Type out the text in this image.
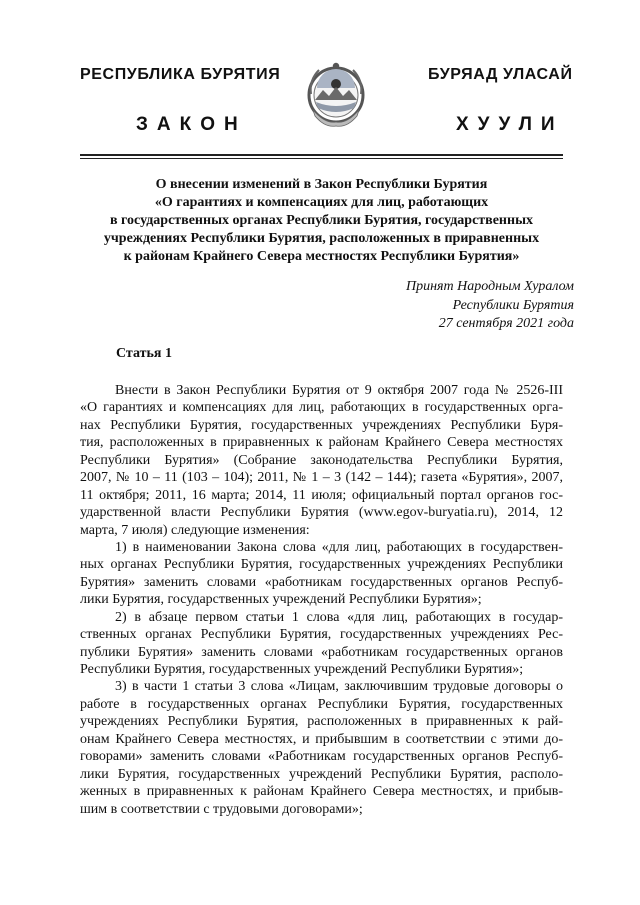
РЕСПУБЛИКА БУРЯТИЯ	БУРЯАД УЛАСАЙ
ЗАКОН	ХУУЛИ
О внесении изменений в Закон Республики Бурятия
«О гарантиях и компенсациях для лиц, работающих
в государственных органах Республики Бурятия, государственных
учреждениях Республики Бурятия, расположенных в приравненных
к районам Крайнего Севера местностях Республики Бурятия»
Принят Народным Хуралом
Республики Бурятия
27 сентября 2021 года
Статья 1
Внести в Закон Республики Бурятия от 9 октября 2007 года № 2526-III
«О гарантиях и компенсациях для лиц, работающих в государственных орга-
нах Республики Бурятия, государственных учреждениях Республики Буря-
тия, расположенных в приравненных к районам Крайнего Севера местностях
Республики Бурятия» (Собрание законодательства Республики Бурятия,
2007, № 10 – 11 (103 – 104); 2011, № 1 – 3 (142 – 144); газета «Бурятия», 2007,
11 октября; 2011, 16 марта; 2014, 11 июля; официальный портал органов гос-
ударственной власти Республики Бурятия (www.egov-buryatia.ru), 2014, 12
марта, 7 июля) следующие изменения:
1) в наименовании Закона слова «для лиц, работающих в государствен-
ных органах Республики Бурятия, государственных учреждениях Республики
Бурятия» заменить словами «работникам государственных органов Респуб-
лики Бурятия, государственных учреждений Республики Бурятия»;
2) в абзаце первом статьи 1 слова «для лиц, работающих в государ-
ственных органах Республики Бурятия, государственных учреждениях Рес-
публики Бурятия» заменить словами «работникам государственных органов
Республики Бурятия, государственных учреждений Республики Бурятия»;
3) в части 1 статьи 3 слова «Лицам, заключившим трудовые договоры о
работе в государственных органах Республики Бурятия, государственных
учреждениях Республики Бурятия, расположенных в приравненных к рай-
онам Крайнего Севера местностях, и прибывшим в соответствии с этими до-
говорами» заменить словами «Работникам государственных органов Респуб-
лики Бурятия, государственных учреждений Республики Бурятия, располо-
женных в приравненных к районам Крайнего Севера местностях, и прибыв-
шим в соответствии с трудовыми договорами»;
